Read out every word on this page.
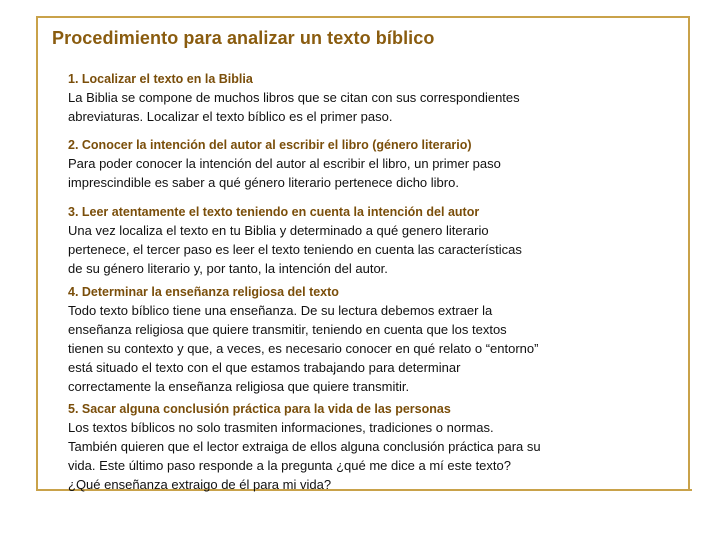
Procedimiento para analizar un texto bíblico
1. Localizar el texto en la Biblia
La Biblia se compone de muchos libros que se citan con sus correspondientes
abreviaturas. Localizar el texto bíblico es el primer paso.
2. Conocer la intención del autor al escribir el libro (género literario)
Para poder conocer la intención del autor al escribir el libro, un primer paso
imprescindible es saber a qué género literario pertenece dicho libro.
3. Leer atentamente el texto teniendo en cuenta la intención del autor
Una vez localiza el texto en tu Biblia y determinado a qué genero literario
pertenece, el tercer paso es leer el texto teniendo en cuenta las características
de su género literario y, por tanto, la intención del autor.
4. Determinar la enseñanza religiosa del texto
Todo texto bíblico tiene una enseñanza. De su lectura debemos extraer la
enseñanza religiosa que quiere transmitir, teniendo en cuenta que los textos
tienen su contexto y que, a veces, es necesario conocer en qué relato o “entorno”
está situado el texto con el que estamos trabajando para determinar
correctamente la enseñanza religiosa que quiere transmitir.
5. Sacar alguna conclusión práctica para la vida de las personas
Los textos bíblicos no solo trasmiten informaciones, tradiciones o normas.
También quieren que el lector extraiga de ellos alguna conclusión práctica para su
vida. Este último paso responde a la pregunta ¿qué me dice a mí este texto?
¿Qué enseñanza extraigo de él para mi vida?
